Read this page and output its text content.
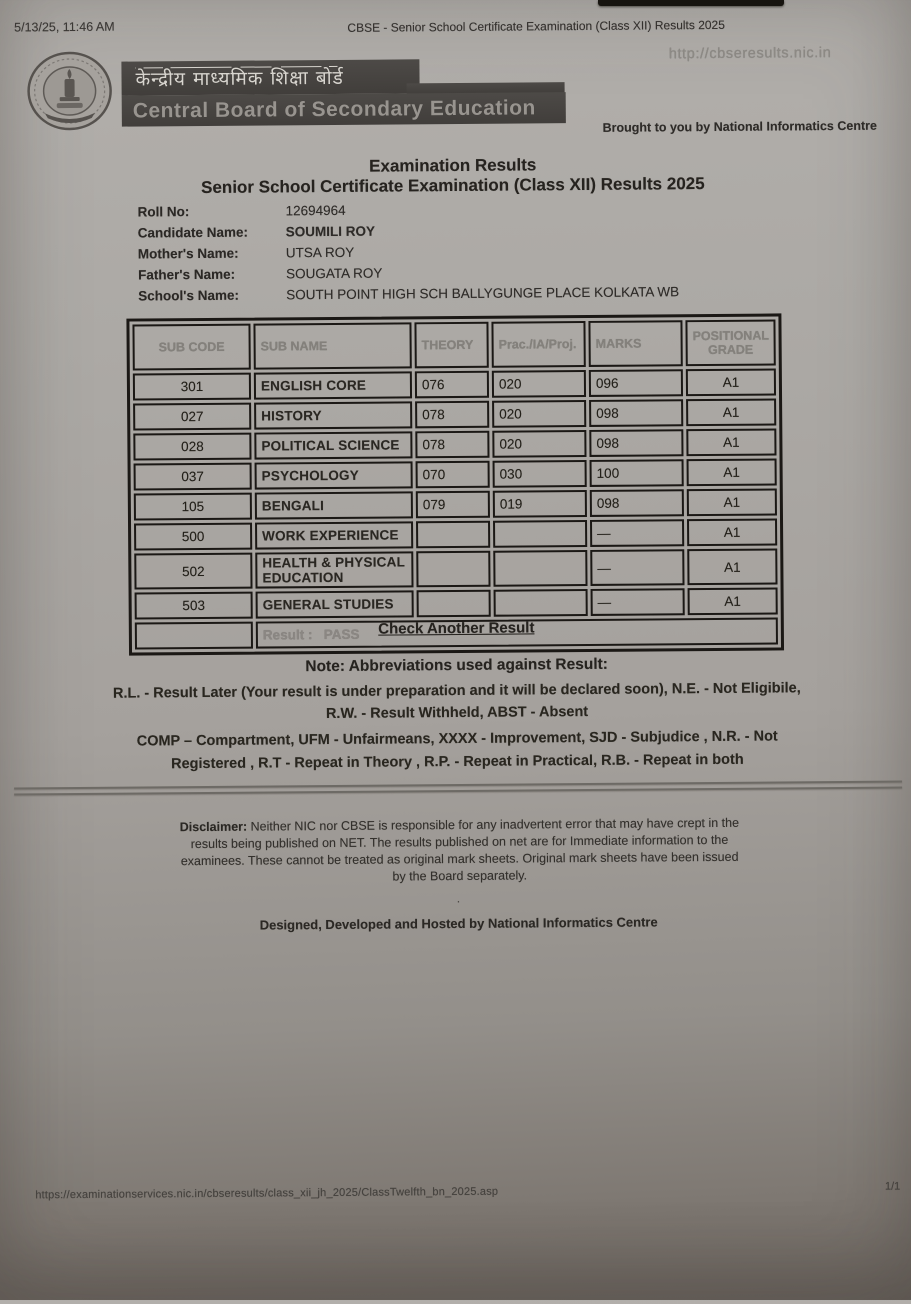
5/13/25, 11:46 AM	CBSE - Senior School Certificate Examination (Class XII) Results 2025
http://cbseresults.nic.in
केन्द्रीय माध्यमिक शिक्षा बोर्ड
Central Board of Secondary Education
Brought to you by National Informatics Centre
Examination Results
Senior School Certificate Examination (Class XII) Results 2025
Roll No:	12694964
Candidate Name:	SOUMILI ROY
Mother's Name:	UTSA ROY
Father's Name:	SOUGATA ROY
School's Name:	SOUTH POINT HIGH SCH BALLYGUNGE PLACE KOLKATA WB
SUB CODE	SUB NAME	THEORY	Prac./IA/Proj.	MARKS	POSITIONAL GRADE
301	ENGLISH CORE	076	020	096	A1
027	HISTORY	078	020	098	A1
028	POLITICAL SCIENCE	078	020	098	A1
037	PSYCHOLOGY	070	030	100	A1
105	BENGALI	079	019	098	A1
500	WORK EXPERIENCE			—	A1
502	HEALTH & PHYSICAL EDUCATION			—	A1
503	GENERAL STUDIES			—	A1
	Result : PASS					Check Another Result
Note: Abbreviations used against Result:
R.L. - Result Later (Your result is under preparation and it will be declared soon), N.E. - Not Eligibile,
R.W. - Result Withheld, ABST - Absent
COMP – Compartment, UFM - Unfairmeans, XXXX - Improvement, SJD - Subjudice , N.R. - Not
Registered , R.T - Repeat in Theory , R.P. - Repeat in Practical, R.B. - Repeat in both
Disclaimer: Neither NIC nor CBSE is responsible for any inadvertent error that may have crept in the
results being published on NET. The results published on net are for Immediate information to the
examinees. These cannot be treated as original mark sheets. Original mark sheets have been issued
by the Board separately.
·
Designed, Developed and Hosted by National Informatics Centre
https://examinationservices.nic.in/cbseresults/class_xii_jh_2025/ClassTwelfth_bn_2025.asp	1/1
